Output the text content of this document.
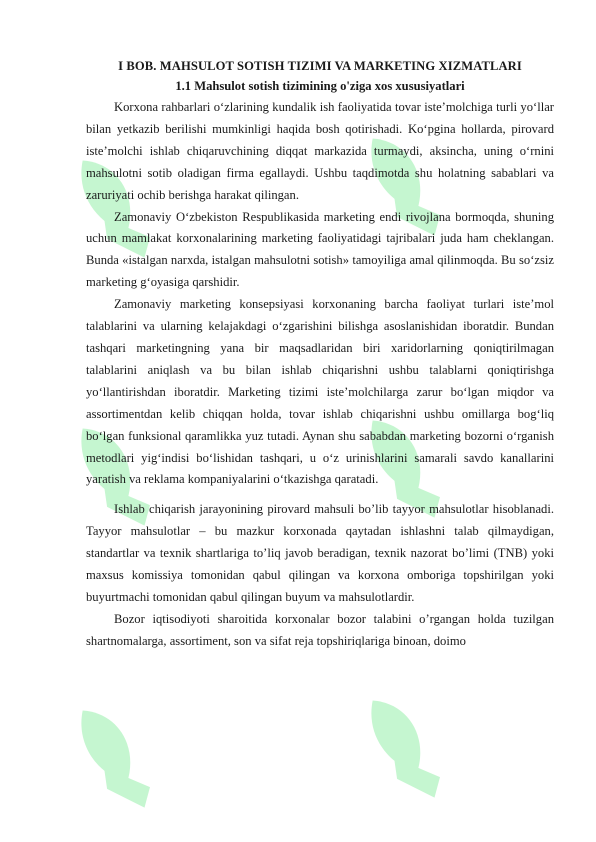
I BOB. MAHSULOT SOTISH TIZIMI VA MARKETING XIZMATLARI
1.1 Mahsulot sotish tizimining o'ziga xos xususiyatlari

Korxona rahbarlari o‘zlarining kundalik ish faoliyatida tovar iste’molchiga turli yo‘llar bilan yetkazib berilishi mumkinligi haqida bosh qotirishadi. Ko‘pgina hollarda, pirovard iste’molchi ishlab chiqaruvchining diqqat markazida turmaydi, aksincha, uning o‘rnini mahsulotni sotib oladigan firma egallaydi. Ushbu taqdimotda shu holatning sabablari va zaruriyati ochib berishga harakat qilingan.

Zamonaviy O‘zbekiston Respublikasida marketing endi rivojlana bormoqda, shuning uchun mamlakat korxonalarining marketing faoliyatidagi tajribalari juda ham cheklangan. Bunda «istalgan narxda, istalgan mahsulotni sotish» tamoyiliga amal qilinmoqda. Bu so‘zsiz marketing g‘oyasiga qarshidir.

Zamonaviy marketing konsepsiyasi korxonaning barcha faoliyat turlari iste’mol talablarini va ularning kelajakdagi o‘zgarishini bilishga asoslanishidan iboratdir. Bundan tashqari marketingning yana bir maqsadlaridan biri xaridorlarning qoniqtirilmagan talablarini aniqlash va bu bilan ishlab chiqarishni ushbu talablarni qoniqtirishga yo‘llantirishdan iboratdir. Marketing tizimi iste’molchilarga zarur bo‘lgan miqdor va assortimentdan kelib chiqqan holda, tovar ishlab chiqarishni ushbu omillarga bog‘liq bo‘lgan funksional qaramlikka yuz tutadi. Aynan shu sababdan marketing bozorni o‘rganish metodlari yig‘indisi bo‘lishidan tashqari, u o‘z urinishlarini samarali savdo kanallarini yaratish va reklama kompaniyalarini o‘tkazishga qaratadi.

Ishlab chiqarish jarayonining pirovard mahsuli bo’lib tayyor mahsulotlar hisoblanadi. Tayyor mahsulotlar – bu mazkur korxonada qaytadan ishlashni talab qilmaydigan, standartlar va texnik shartlariga to’liq javob beradigan, texnik nazorat bo’limi (TNB) yoki maxsus komissiya tomonidan qabul qilingan va korxona omboriga topshirilgan yoki buyurtmachi tomonidan qabul qilingan buyum va mahsulotlardir.

Bozor iqtisodiyoti sharoitida korxonalar bozor talabini o’rgangan holda tuzilgan shartnomalarga, assortiment, son va sifat reja topshiriqlariga binoan, doimo
